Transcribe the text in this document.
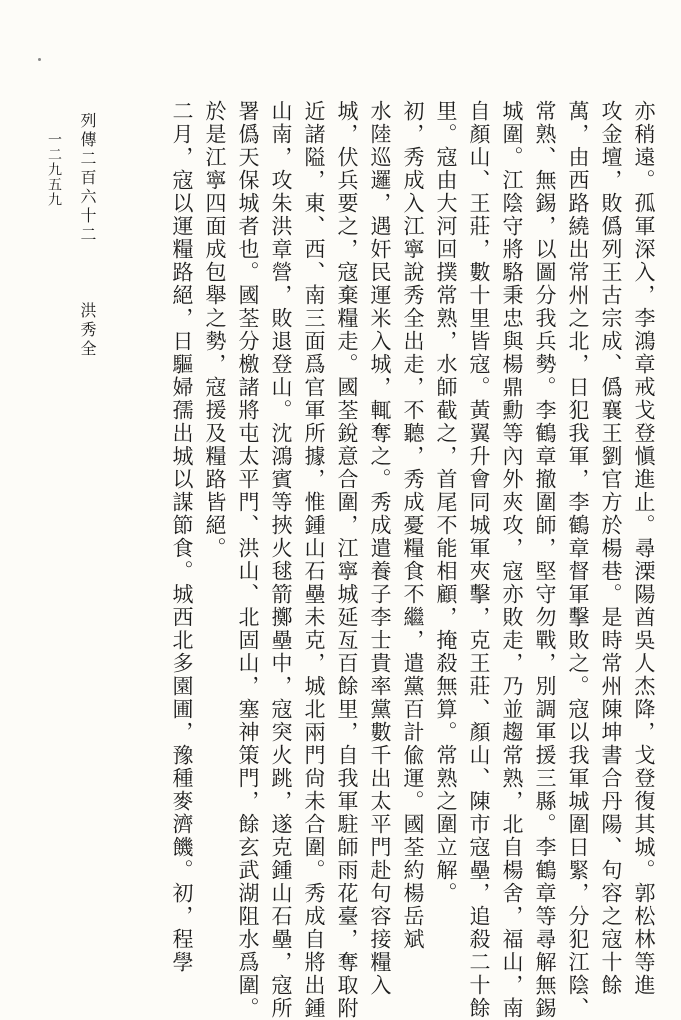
一二九五九 列傳二百六十二
洪秀全	亦稍遠。孤軍深入，李鴻章戒戈登愼進止。尋溧陽酋吳人杰降，戈登復其城。郭松林等進

攻金壇，敗僞列王古宗成、僞襄王劉官方於楊巷。是時常州陳坤書合丹陽、句容之寇十餘

萬，由西路繞出常州之北，日犯我軍，李鶴章督軍擊敗之。寇以我軍城圍日緊，分犯江陰、

常熟、無錫，以圖分我兵勢。李鶴章撤圍師，堅守勿戰，別調軍援三縣。李鶴章等尋解無錫

城圍。江陰守將駱秉忠與楊鼎勳等內外夾攻，寇亦敗走，乃並趨常熟，北自楊舍，福山，南

自顏山、王莊，數十里皆寇。黃翼升會同城軍夾擊，克王莊、顏山、陳市寇壘，追殺二十餘

里。寇由大河回撲常熟，水師截之，首尾不能相顧，掩殺無算。常熟之圍立解。

初，秀成入江寧說秀全出走，不聽，秀成憂糧食不繼，遣黨百計偸運。國荃約楊岳斌

水陸巡邏，遇奸民運米入城，輒奪之。秀成遣養子李士貴率黨數千出太平門赴句容接糧入

城，伏兵要之，寇棄糧走。國荃銳意合圍，江寧城延亙百餘里，自我軍駐師雨花臺，奪取附

近諸隘，東、西、南三面爲官軍所據，惟鍾山石壘未克，城北兩門尙未合圍。秀成自將出鍾

山南，攻朱洪章營，敗退登山。沈鴻賓等挾火毬箭擲壘中，寇突火跳，遂克鍾山石壘，寇所

署僞天保城者也。國荃分檄諸將屯太平門、洪山、北固山，塞神策門，餘玄武湖阻水爲圍。

於是江寧四面成包舉之勢，寇援及糧路皆絕。

二月，寇以運糧路絕，日驅婦孺出城以謀節食。城西北多園圃，豫種麥濟饑。初，程學
